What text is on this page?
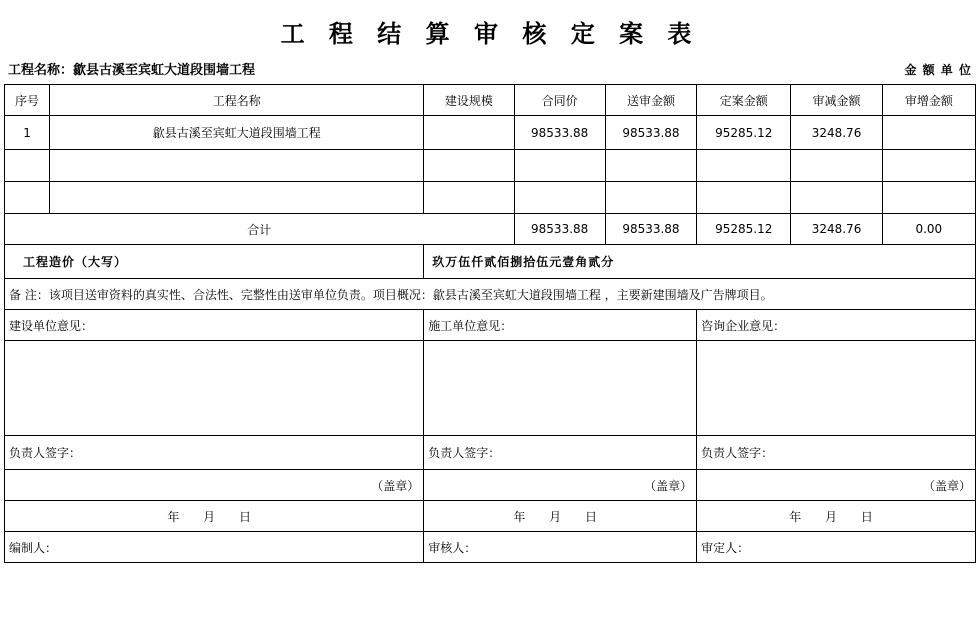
工 程 结 算 审 核 定 案 表
工程名称：歙县古溪至宾虹大道段围墙工程	金 额 单 位
序号	工程名称	建设规模	合同价	送审金额	定案金额	审减金额	审增金额
1	歙县古溪至宾虹大道段围墙工程		98533.88	98533.88	95285.12	3248.76	

合计			98533.88	98533.88	95285.12	3248.76	0.00
工程造价（大写）		玖万伍仟贰佰捌拾伍元壹角贰分					
备 注：该项目送审资料的真实性、合法性、完整性由送审单位负责。项目概况：歙县古溪至宾虹大道段围墙工程 ，主要新建围墙及广告牌项目。							
建设单位意见：		施工单位意见：			咨询企业意见：		

负责人签字：		负责人签字：			负责人签字：		
（盖章）		（盖章）			（盖章）		
年 月 日		年 月 日			年 月 日		
编制人：		审核人：			审定人：		
